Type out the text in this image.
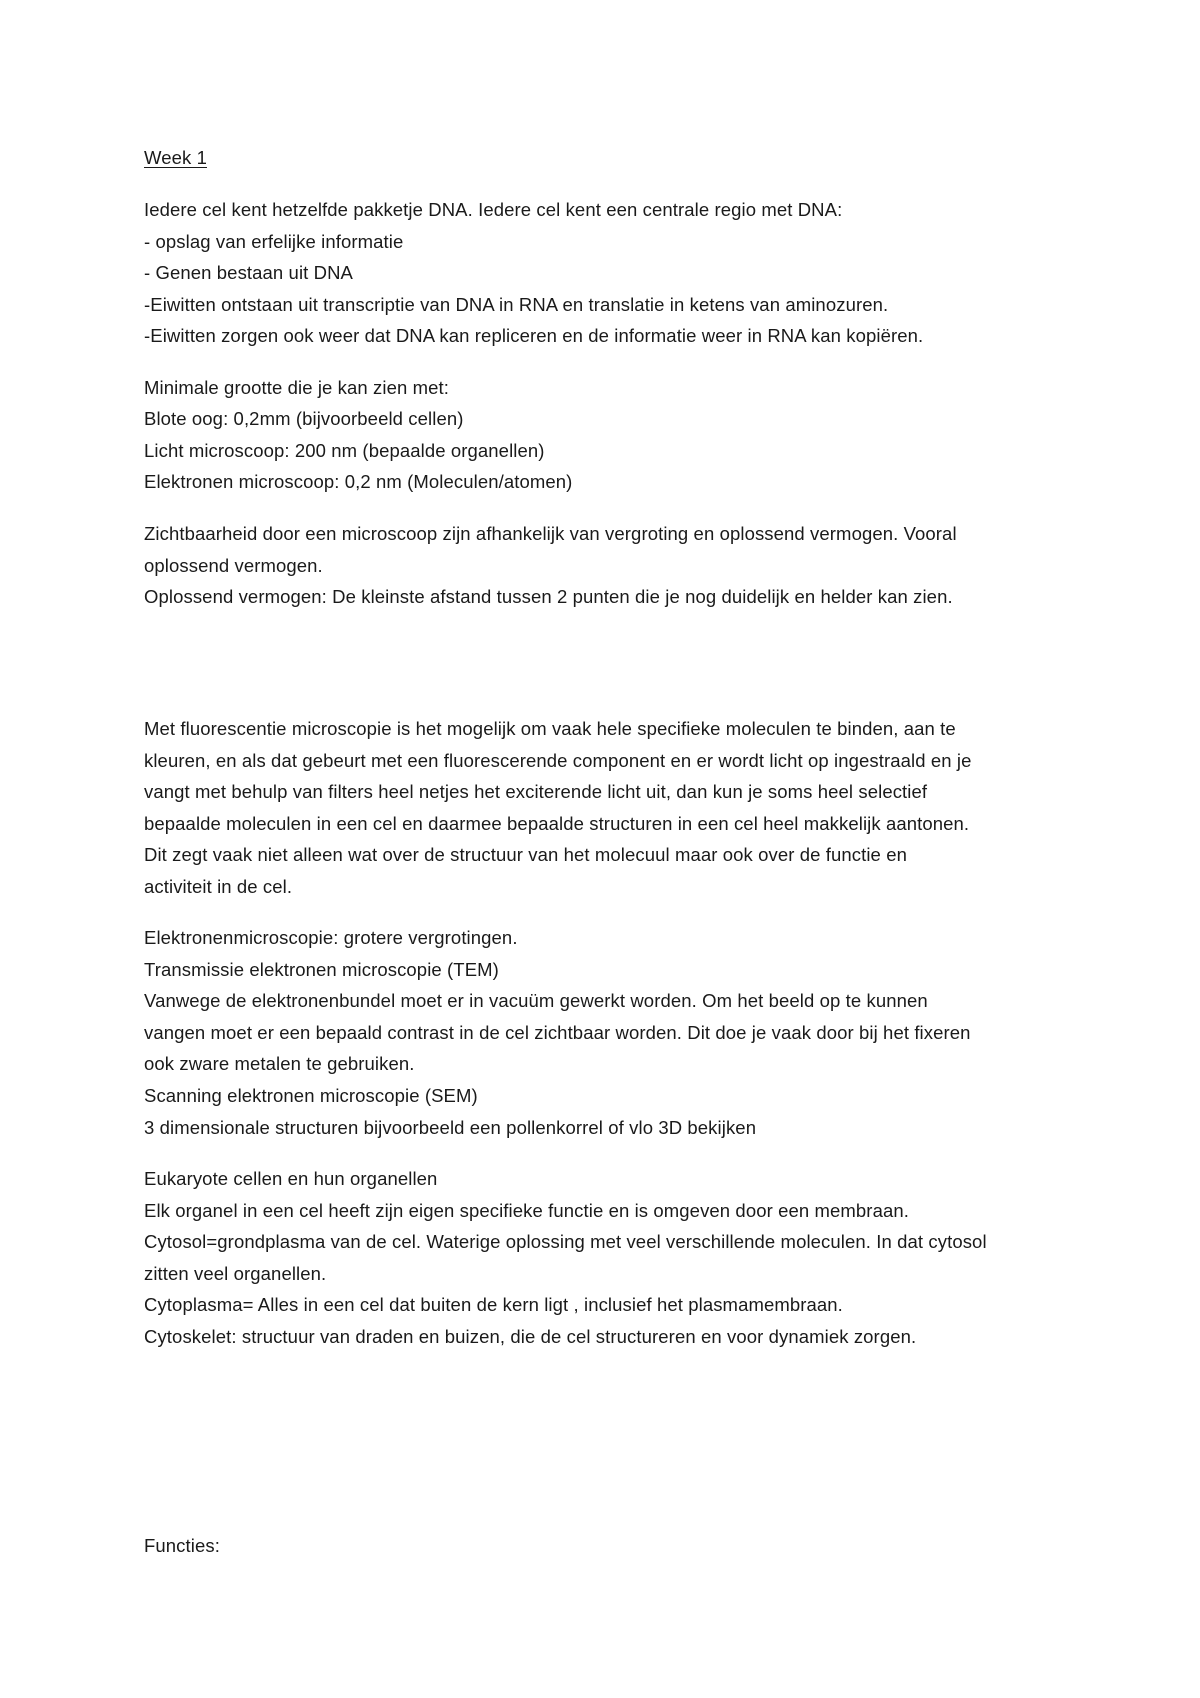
Week 1
Iedere cel kent hetzelfde pakketje DNA. Iedere cel kent een centrale regio met DNA:
- opslag van erfelijke informatie
- Genen bestaan uit DNA
-Eiwitten ontstaan uit transcriptie van DNA in RNA en translatie in ketens van aminozuren.
-Eiwitten zorgen ook weer dat DNA kan repliceren en de informatie weer in RNA kan kopiëren.
Minimale grootte die je kan zien met:
Blote oog: 0,2mm (bijvoorbeeld cellen)
Licht microscoop: 200 nm (bepaalde organellen)
Elektronen microscoop: 0,2 nm (Moleculen/atomen)
Zichtbaarheid door een microscoop zijn afhankelijk van vergroting en oplossend vermogen. Vooral
oplossend vermogen.
Oplossend vermogen: De kleinste afstand tussen 2 punten die je nog duidelijk en helder kan zien.
Met fluorescentie microscopie is het mogelijk om vaak hele specifieke moleculen te binden, aan te
kleuren, en als dat gebeurt met een fluorescerende component en er wordt licht op ingestraald en je
vangt met behulp van filters heel netjes het exciterende licht uit, dan kun je soms heel selectief
bepaalde moleculen in een cel en daarmee bepaalde structuren in een cel heel makkelijk aantonen.
Dit zegt vaak niet alleen wat over de structuur van het molecuul maar ook over de functie en
activiteit in de cel.
Elektronenmicroscopie: grotere vergrotingen.
Transmissie elektronen microscopie (TEM)
Vanwege de elektronenbundel moet er in vacuüm gewerkt worden. Om het beeld op te kunnen
vangen moet er een bepaald contrast in de cel zichtbaar worden. Dit doe je vaak door bij het fixeren
ook zware metalen te gebruiken.
Scanning elektronen microscopie (SEM)
3 dimensionale structuren bijvoorbeeld een pollenkorrel of vlo 3D bekijken
Eukaryote cellen en hun organellen
Elk organel in een cel heeft zijn eigen specifieke functie en is omgeven door een membraan.
Cytosol=grondplasma van de cel. Waterige oplossing met veel verschillende moleculen. In dat cytosol
zitten veel organellen.
Cytoplasma= Alles in een cel dat buiten de kern ligt , inclusief het plasmamembraan.
Cytoskelet: structuur van draden en buizen, die de cel structureren en voor dynamiek zorgen.
Functies:
